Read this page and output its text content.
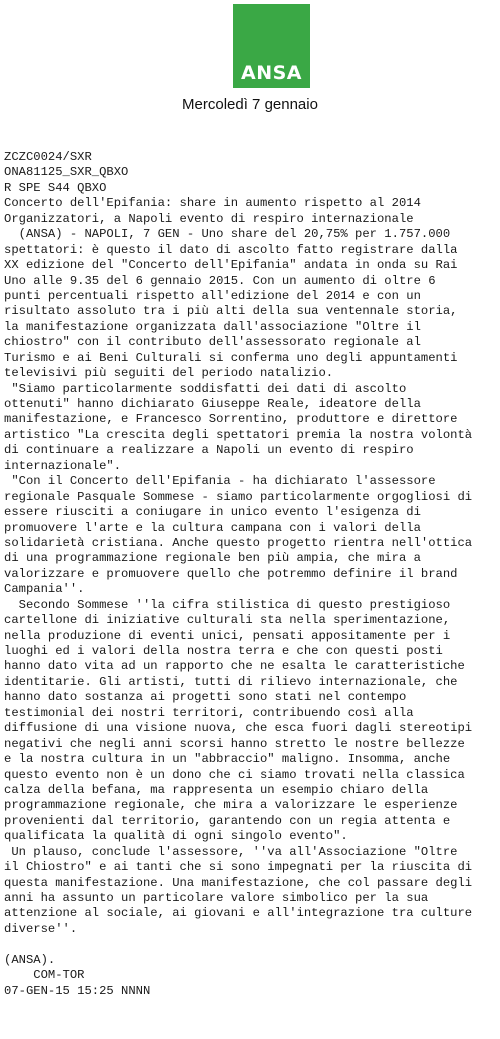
ANSA
Mercoledì 7 gennaio
ZCZC0024/SXR
ONA81125_SXR_QBXO
R SPE S44 QBXO
Concerto dell'Epifania: share in aumento rispetto al 2014
Organizzatori, a Napoli evento di respiro internazionale
(ANSA) - NAPOLI, 7 GEN - Uno share del 20,75% per 1.757.000
spettatori: è questo il dato di ascolto fatto registrare dalla
XX edizione del "Concerto dell'Epifania" andata in onda su Rai
Uno alle 9.35 del 6 gennaio 2015. Con un aumento di oltre 6
punti percentuali rispetto all'edizione del 2014 e con un
risultato assoluto tra i più alti della sua ventennale storia,
la manifestazione organizzata dall'associazione "Oltre il
chiostro" con il contributo dell'assessorato regionale al
Turismo e ai Beni Culturali si conferma uno degli appuntamenti
televisivi più seguiti del periodo natalizio.
"Siamo particolarmente soddisfatti dei dati di ascolto
ottenuti" hanno dichiarato Giuseppe Reale, ideatore della
manifestazione, e Francesco Sorrentino, produttore e direttore
artistico "La crescita degli spettatori premia la nostra volontà
di continuare a realizzare a Napoli un evento di respiro
internazionale".
"Con il Concerto dell'Epifania - ha dichiarato l'assessore
regionale Pasquale Sommese - siamo particolarmente orgogliosi di
essere riusciti a coniugare in unico evento l'esigenza di
promuovere l'arte e la cultura campana con i valori della
solidarietà cristiana. Anche questo progetto rientra nell'ottica
di una programmazione regionale ben più ampia, che mira a
valorizzare e promuovere quello che potremmo definire il brand
Campania''.
Secondo Sommese ''la cifra stilistica di questo prestigioso
cartellone di iniziative culturali sta nella sperimentazione,
nella produzione di eventi unici, pensati appositamente per i
luoghi ed i valori della nostra terra e che con questi posti
hanno dato vita ad un rapporto che ne esalta le caratteristiche
identitarie. Gli artisti, tutti di rilievo internazionale, che
hanno dato sostanza ai progetti sono stati nel contempo
testimonial dei nostri territori, contribuendo così alla
diffusione di una visione nuova, che esca fuori dagli stereotipi
negativi che negli anni scorsi hanno stretto le nostre bellezze
e la nostra cultura in un "abbraccio" maligno. Insomma, anche
questo evento non è un dono che ci siamo trovati nella classica
calza della befana, ma rappresenta un esempio chiaro della
programmazione regionale, che mira a valorizzare le esperienze
provenienti dal territorio, garantendo con un regia attenta e
qualificata la qualità di ogni singolo evento".
Un plauso, conclude l'assessore, ''va all'Associazione "Oltre
il Chiostro" e ai tanti che si sono impegnati per la riuscita di
questa manifestazione. Una manifestazione, che col passare degli
anni ha assunto un particolare valore simbolico per la sua
attenzione al sociale, ai giovani e all'integrazione tra culture
diverse''.
(ANSA).
COM-TOR
07-GEN-15 15:25 NNNN
